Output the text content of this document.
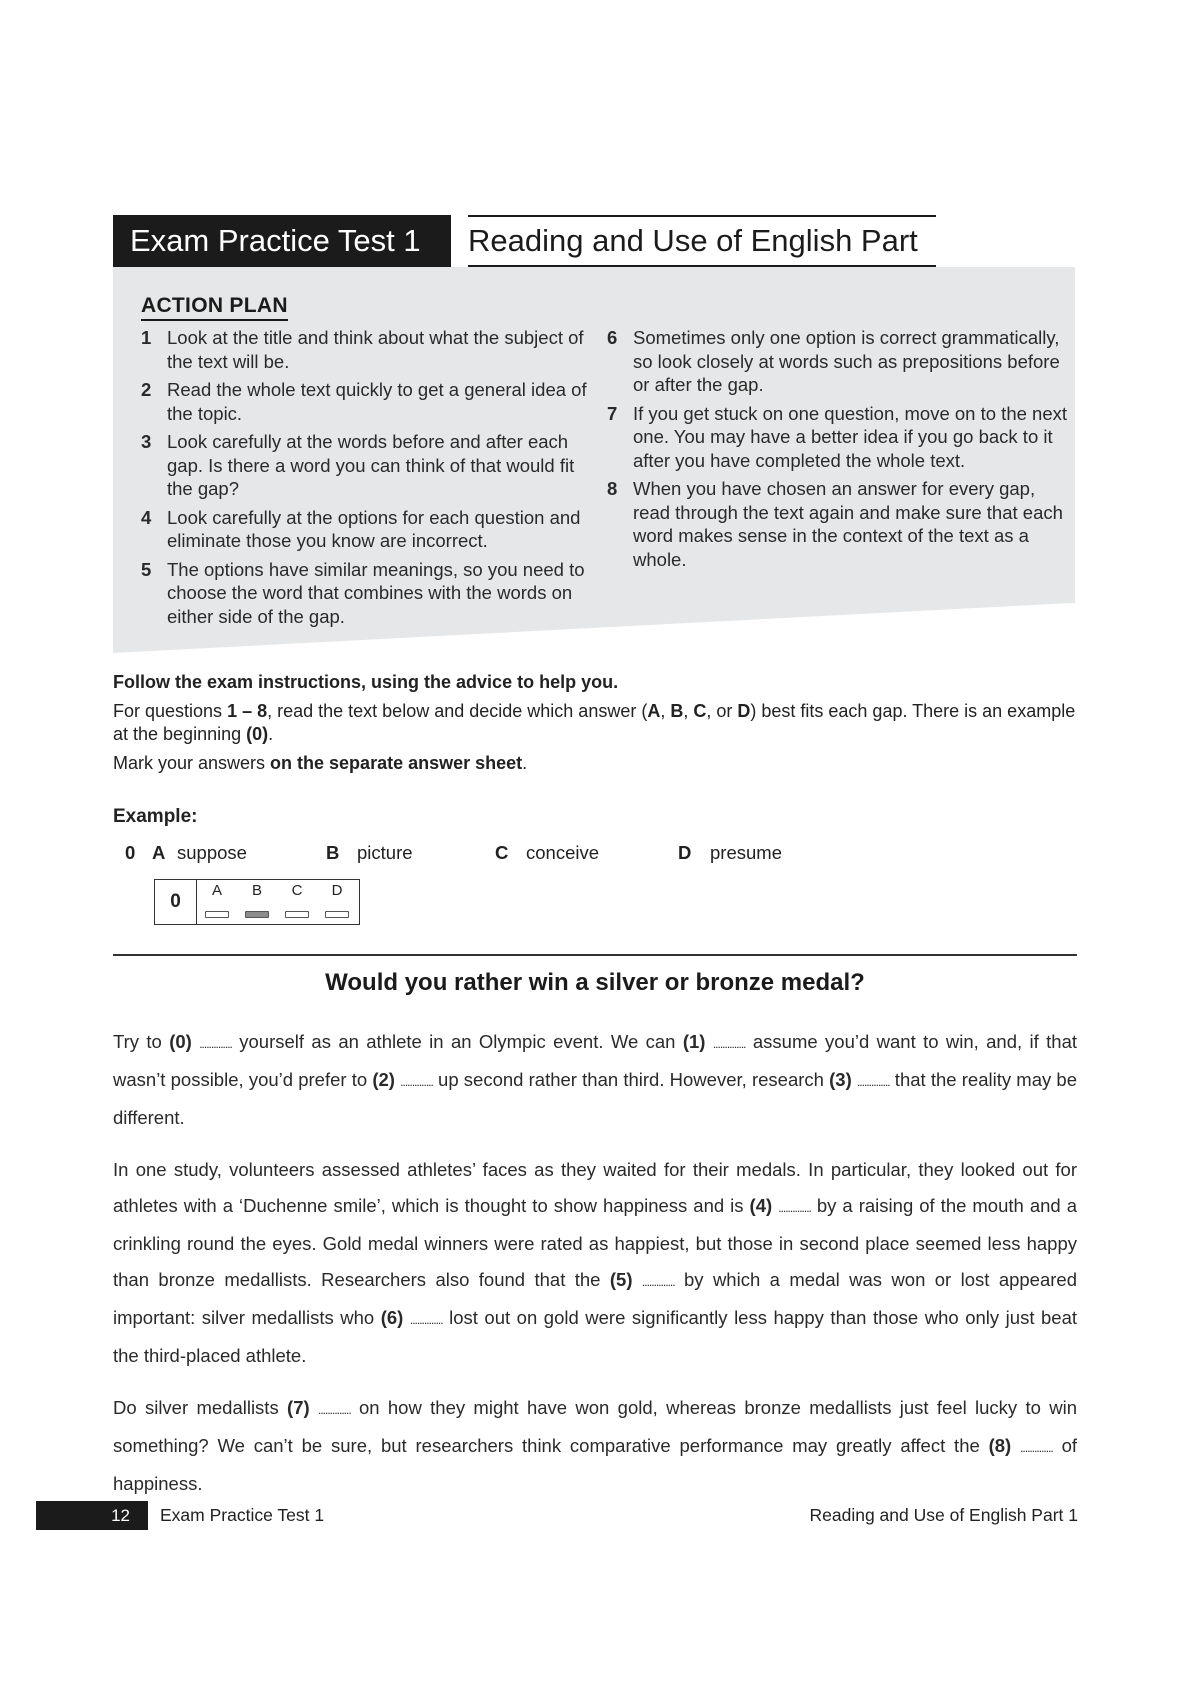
Exam Practice Test 1	Reading and Use of English Part
ACTION PLAN
1 Look at the title and think about what the subject of the text will be.
2 Read the whole text quickly to get a general idea of the topic.
3 Look carefully at the words before and after each gap. Is there a word you can think of that would fit the gap?
4 Look carefully at the options for each question and eliminate those you know are incorrect.
5 The options have similar meanings, so you need to choose the word that combines with the words on either side of the gap.
6 Sometimes only one option is correct grammatically, so look closely at words such as prepositions before or after the gap.
7 If you get stuck on one question, move on to the next one. You may have a better idea if you go back to it after you have completed the whole text.
8 When you have chosen an answer for every gap, read through the text again and make sure that each word makes sense in the context of the text as a whole.

Follow the exam instructions, using the advice to help you.

For questions 1 – 8, read the text below and decide which answer (A, B, C, or D) best fits each gap. There is an example at the beginning (0).

Mark your answers on the separate answer sheet.

Example:
0 A suppose	B picture	C conceive	D presume
0
A	B	C	D
Would you rather win a silver or bronze medal?

Try to (0) .............. yourself as an athlete in an Olympic event. We can (1) .............. assume you’d want to win, and, if that wasn’t possible, you’d prefer to (2) .............. up second rather than third. However, research (3) .............. that the reality may be different.

In one study, volunteers assessed athletes’ faces as they waited for their medals. In particular, they looked out for athletes with a ‘Duchenne smile’, which is thought to show happiness and is (4) .............. by a raising of the mouth and a crinkling round the eyes. Gold medal winners were rated as happiest, but those in second place seemed less happy than bronze medallists. Researchers also found that the (5) .............. by which a medal was won or lost appeared important: silver medallists who (6) .............. lost out on gold were significantly less happy than those who only just beat the third-placed athlete.

Do silver medallists (7) .............. on how they might have won gold, whereas bronze medallists just feel lucky to win something? We can’t be sure, but researchers think comparative performance may greatly affect the (8) .............. of happiness.

12	Exam Practice Test 1	Reading and Use of English Part 1
